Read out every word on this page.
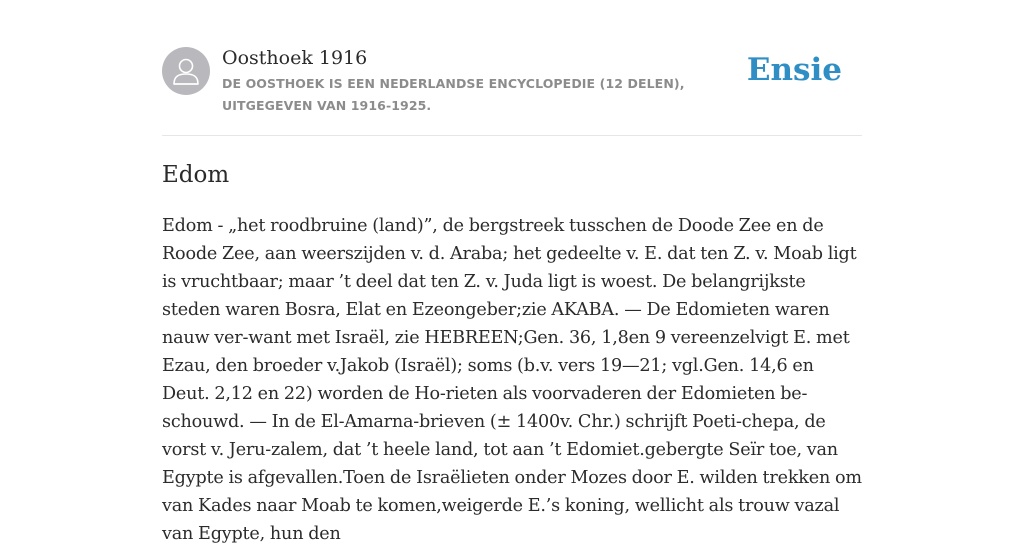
Oosthoek 1916
DE OOSTHOEK IS EEN NEDERLANDSE ENCYCLOPEDIE (12 DELEN), UITGEGEVEN VAN 1916-1925.
Ensie
Edom

Edom - „het roodbruine (land)”, de bergstreek tusschen de Doode Zee en de Roode Zee, aan weerszijden v. d. Araba; het gedeelte v. E. dat ten Z. v. Moab ligt is vruchtbaar; maar ’t deel dat ten Z. v. Juda ligt is woest. De belangrijkste steden waren Bosra, Elat en Ezeongeber;zie AKABA. — De Edomieten waren nauw ver-want met Israël, zie HEBREEN;Gen. 36, 1,8en 9 vereenzelvigt E. met Ezau, den broeder v.Jakob (Israël); soms (b.v. vers 19—21; vgl.Gen. 14,6 en Deut. 2,12 en 22) worden de Ho-rieten als voorvaderen der Edomieten be-schouwd. — In de El-Amarna-brieven (± 1400v. Chr.) schrijft Poeti-chepa, de vorst v. Jeru-zalem, dat ’t heele land, tot aan ’t Edomiet.gebergte Seïr toe, van Egypte is afgevallen.Toen de Israëlieten onder Mozes door E. wilden trekken om van Kades naar Moab te komen,weigerde E.’s koning, wellicht als trouw vazal van Egypte, hun den
